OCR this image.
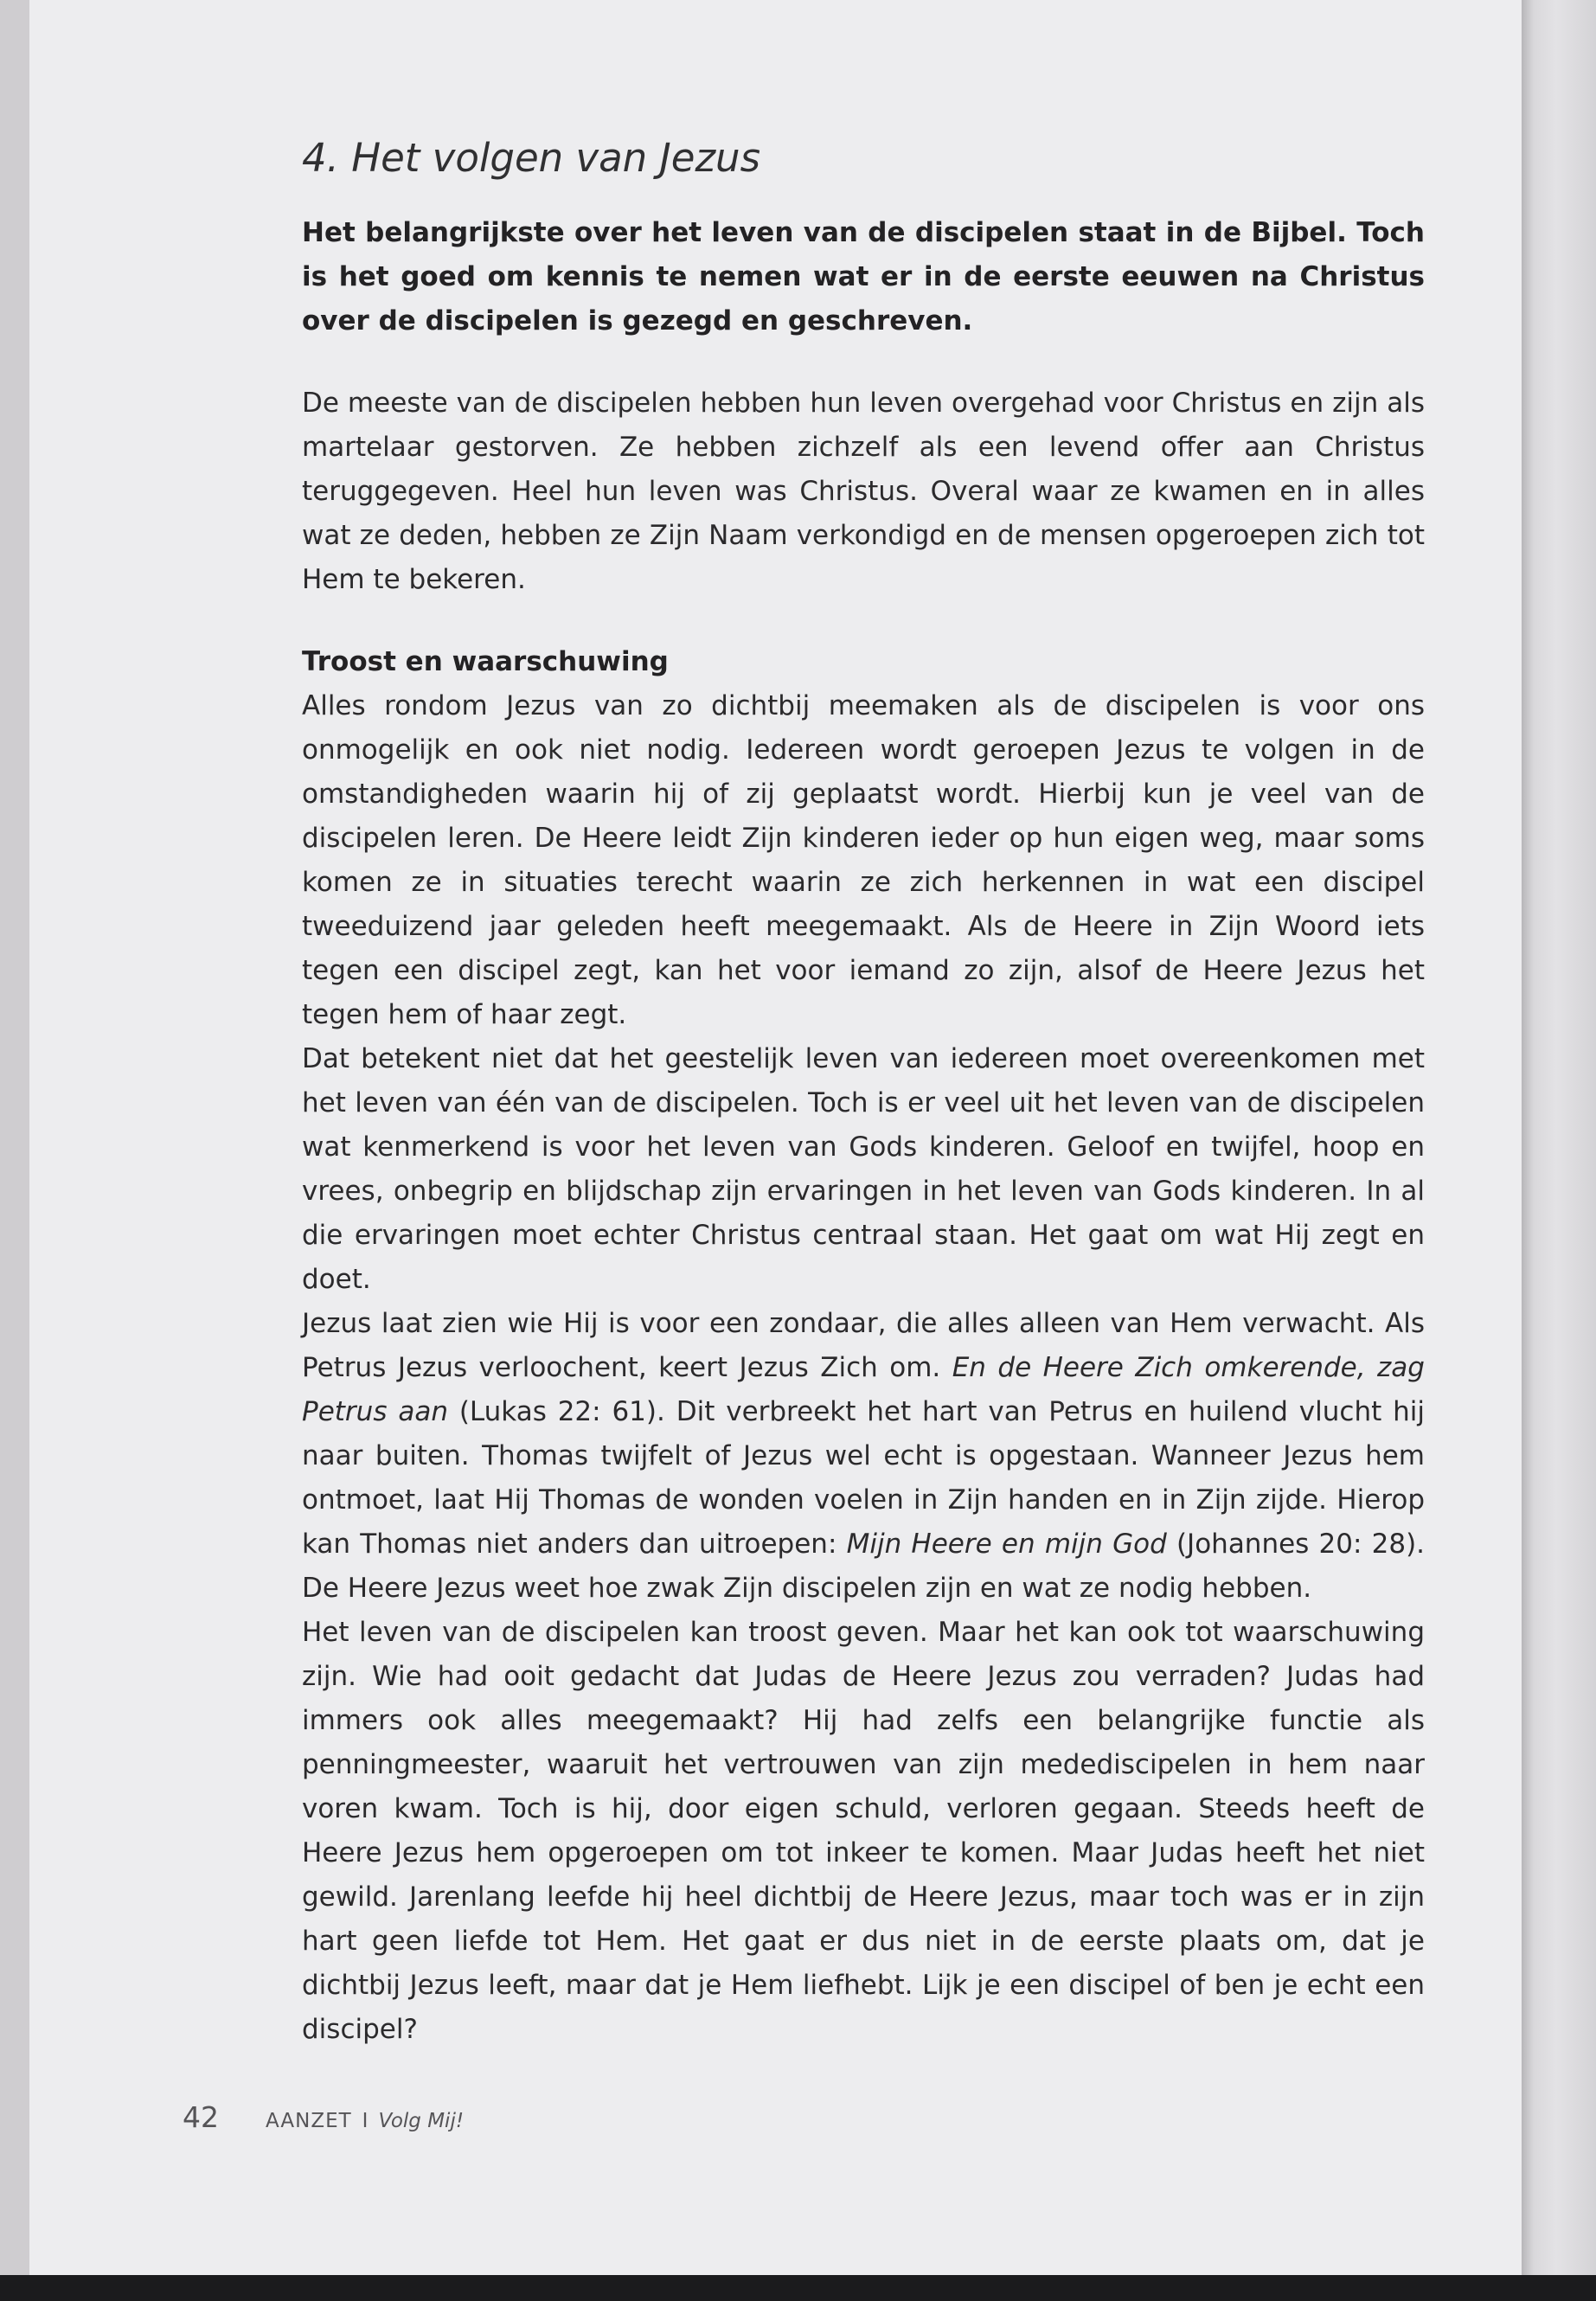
4. Het volgen van Jezus

Het belangrijkste over het leven van de discipelen staat in de Bijbel. Toch is het goed om kennis te nemen wat er in de eerste eeuwen na Christus over de discipelen is gezegd en geschreven.

De meeste van de discipelen hebben hun leven overgehad voor Christus en zijn als martelaar gestorven. Ze hebben zichzelf als een levend offer aan Christus teruggegeven. Heel hun leven was Christus. Overal waar ze kwamen en in alles wat ze deden, hebben ze Zijn Naam verkondigd en de mensen opgeroepen zich tot Hem te bekeren.

Troost en waarschuwing

Alles rondom Jezus van zo dichtbij meemaken als de discipelen is voor ons onmogelijk en ook niet nodig. Iedereen wordt geroepen Jezus te volgen in de omstandigheden waarin hij of zij geplaatst wordt. Hierbij kun je veel van de discipelen leren. De Heere leidt Zijn kinderen ieder op hun eigen weg, maar soms komen ze in situaties terecht waarin ze zich herkennen in wat een discipel tweeduizend jaar geleden heeft meegemaakt. Als de Heere in Zijn Woord iets tegen een discipel zegt, kan het voor iemand zo zijn, alsof de Heere Jezus het tegen hem of haar zegt.

Dat betekent niet dat het geestelijk leven van iedereen moet overeenkomen met het leven van één van de discipelen. Toch is er veel uit het leven van de discipelen wat kenmerkend is voor het leven van Gods kinderen. Geloof en twijfel, hoop en vrees, onbegrip en blijdschap zijn ervaringen in het leven van Gods kinderen. In al die ervaringen moet echter Christus centraal staan. Het gaat om wat Hij zegt en doet.

Jezus laat zien wie Hij is voor een zondaar, die alles alleen van Hem verwacht. Als Petrus Jezus verloochent, keert Jezus Zich om. En de Heere Zich omkerende, zag Petrus aan (Lukas 22: 61). Dit verbreekt het hart van Petrus en huilend vlucht hij naar buiten. Thomas twijfelt of Jezus wel echt is opgestaan. Wanneer Jezus hem ontmoet, laat Hij Thomas de wonden voelen in Zijn handen en in Zijn zijde. Hierop kan Thomas niet anders dan uitroepen: Mijn Heere en mijn God (Johannes 20: 28). De Heere Jezus weet hoe zwak Zijn discipelen zijn en wat ze nodig hebben.

Het leven van de discipelen kan troost geven. Maar het kan ook tot waarschuwing zijn. Wie had ooit gedacht dat Judas de Heere Jezus zou verraden? Judas had immers ook alles meegemaakt? Hij had zelfs een belangrijke functie als penningmeester, waaruit het vertrouwen van zijn medediscipelen in hem naar voren kwam. Toch is hij, door eigen schuld, verloren gegaan. Steeds heeft de Heere Jezus hem opgeroepen om tot inkeer te komen. Maar Judas heeft het niet gewild. Jarenlang leefde hij heel dichtbij de Heere Jezus, maar toch was er in zijn hart geen liefde tot Hem. Het gaat er dus niet in de eerste plaats om, dat je dichtbij Jezus leeft, maar dat je Hem liefhebt. Lijk je een discipel of ben je echt een discipel?

42 AANZET I Volg Mij!
